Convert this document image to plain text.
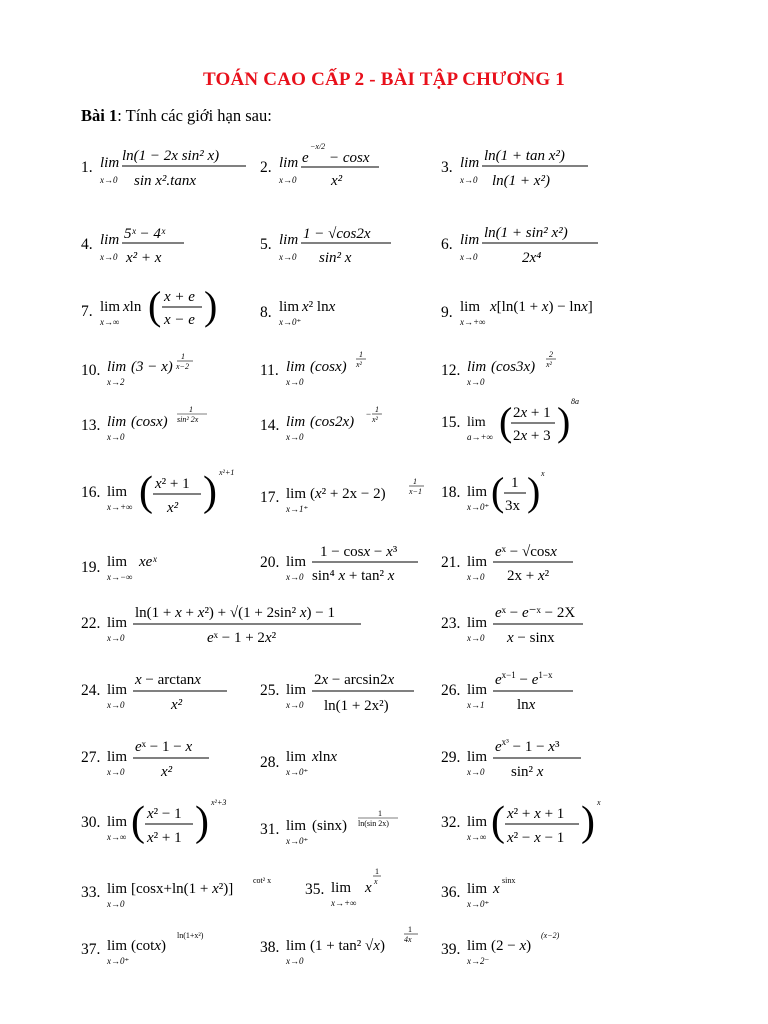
TOÁN CAO CẤP 2 - BÀI TẬP CHƯƠNG 1
Bài 1: Tính các giới hạn sau:
1. lim
x→0
ln(1 − 2x sin² x)
sin x².tanx
2. lim
x→0
e
−x/2
− cosx
x²
3. lim
x→0
ln(1 + tan x²)
ln(1 + x²)
4. lim
x→0
5ˣ − 4ˣ
x² + x
5. lim
x→0
1 − √cos2x
sin² x
6. lim
x→0
ln(1 + sin² x²)
2x⁴
7. lim
x→∞
xln ( x + e
x − e )	8. lim
x→0⁺
x² lnx	9. lim
x→+∞
x[ln(1 + x) − lnx]
10. lim
x→2
(3 − x)
1
x−2	11. lim
x→0
(cosx)
1
x²	12. lim
x→0
(cos3x)
2
x²
13. lim
x→0
(cosx)
1
sin² 2x	14. lim
x→0
(cos2x) − 1
x²	15. lim
a→+∞ ( 2x + 1
2x + 3 ) 8a
16. lim
x→+∞ ( x² + 1
x² ) x²+1
17. lim
x→1⁺
(x² + 2x − 2)
1
x−1 18. lim
x→0⁺ ( 1
3x ) x
19. lim
x→−∞
xeˣ	20. lim
x→0
1 − cosx − x³
sin⁴ x + tan² x
21. lim
x→0
eˣ − √cosx
2x + x²
22. lim
x→0
ln(1 + x + x²) + √(1 + 2sin² x) − 1
eˣ − 1 + 2x²
23. lim
x→0
eˣ − e⁻ˣ − 2X
x − sinx
24. lim
x→0
x − arctanx
x²
25. lim
x→0
2x − arcsin2x
ln(1 + 2x²)
26. lim
x→1
$e^{x-1} - e^{1-x}$
lnx
27. lim
x→0
eˣ − 1 − x
x²
28. lim
x→0⁺
xlnx	29. lim
x→0
$e^{x^3} - 1 - x^3$
sin² x
30. lim
x→∞ ( x² − 1
x² + 1 ) x²+3
31. lim
x→0⁺
(sinx)
1
ln(sin 2x)	32. lim
x→∞ ( x² + x + 1
x² − x − 1 ) x
33. lim
x→0
[cosx+ln(1 + x²)]
cot² x
35. lim
x→+∞
x
1
x
36. lim
x→0⁺
x
sinx
37. lim
x→0⁺
(cotx)
ln(1+x²)
38. lim
x→0
(1 + tan² √x)
1
4x
39. lim
x→2⁻
(2 − x)
(x−2)
